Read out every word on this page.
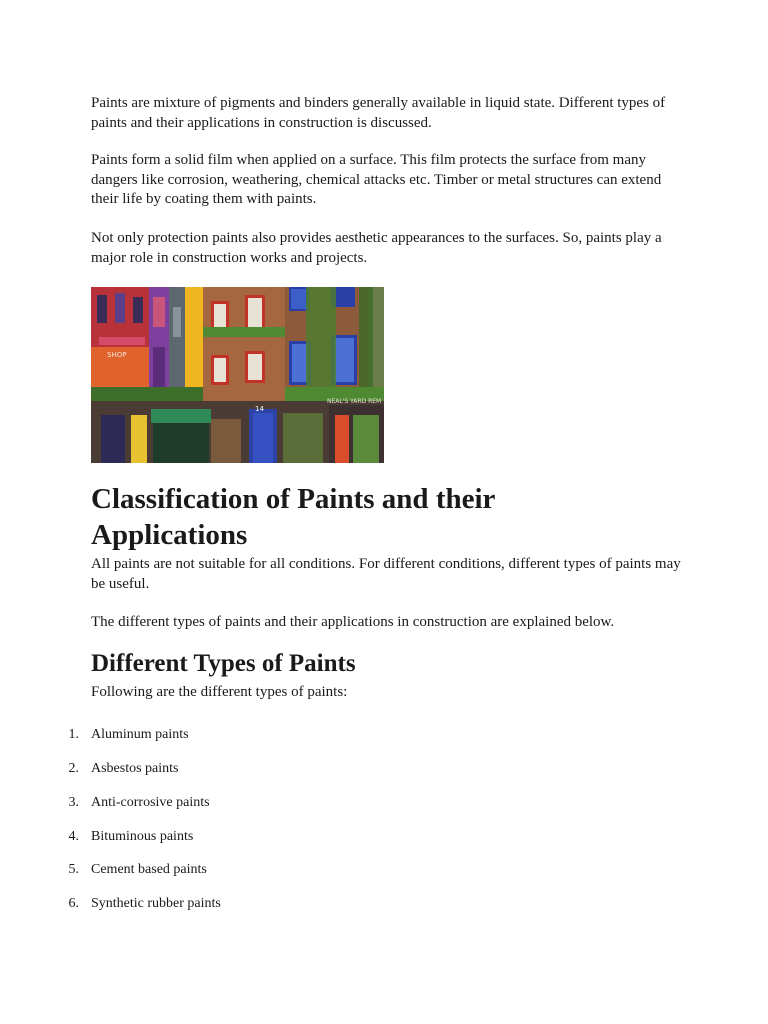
Paints are mixture of pigments and binders generally available in liquid state. Different types of paints and their applications in construction is discussed.

Paints form a solid film when applied on a surface. This film protects the surface from many dangers like corrosion, weathering, chemical attacks etc. Timber or metal structures can extend their life by coating them with paints.

Not only protection paints also provides aesthetic appearances to the surfaces. So, paints play a major role in construction works and projects.

SHOP
14
NEAL'S YARD REM
Classification of Paints and their Applications

All paints are not suitable for all conditions. For different conditions, different types of paints may be useful.

The different types of paints and their applications in construction are explained below.

Different Types of Paints

Following are the different types of paints:

1. Aluminum paints
2. Asbestos paints
3. Anti-corrosive paints
4. Bituminous paints
5. Cement based paints
6. Synthetic rubber paints
